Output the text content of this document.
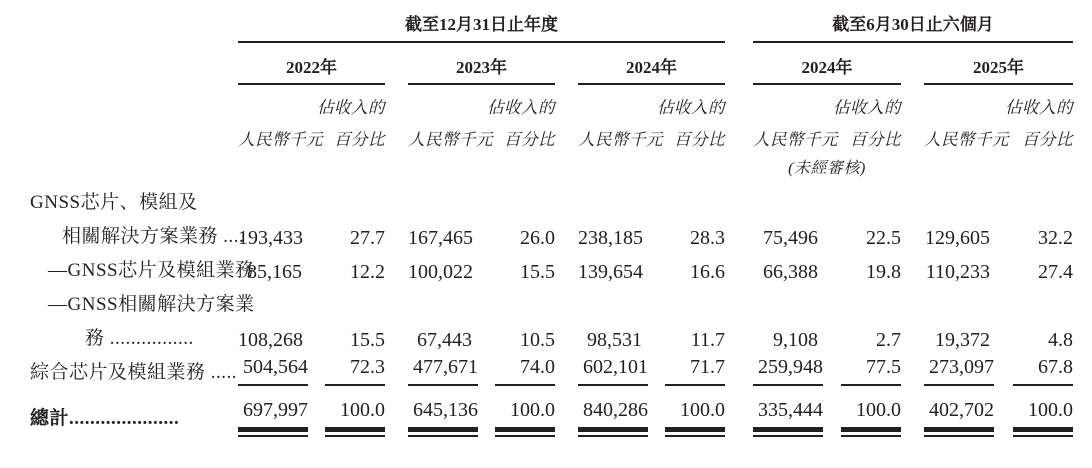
	截至12月31日止年度									截至6月30日止六個月				
	2022年			2023年			2024年			2024年			2025年	
		佔收入的			佔收入的			佔收入的			佔收入的			佔收入的
	人民幣千元	百分比		人民幣千元	百分比		人民幣千元	百分比		人民幣千元	百分比		人民幣千元	百分比
										(未經審核)				
GNSS芯片、模組及														
相關解決方案業務 ....	193,433	27.7		167,465	26.0		238,185	28.3		75,496	22.5		129,605	32.2
—GNSS芯片及模組業務	85,165	12.2		100,022	15.5		139,654	16.6		66,388	19.8		110,233	27.4
—GNSS相關解決方案業														
務 ................	108,268	15.5		67,443	10.5		98,531	11.7		9,108	2.7		19,372	4.8
綜合芯片及模組業務 .....	504,564	72.3		477,671	74.0		602,101	71.7		259,948	77.5		273,097	67.8
總計.....................	697,997	100.0		645,136	100.0		840,286	100.0		335,444	100.0		402,702	100.0
